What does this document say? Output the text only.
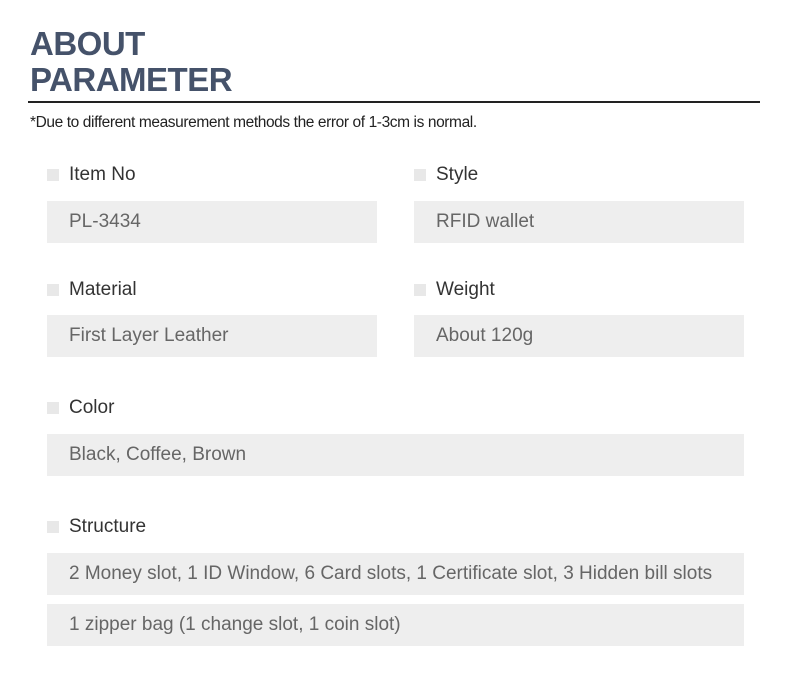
ABOUT
PARAMETER
*Due to different measurement methods the error of 1-3cm is normal.
Item No
PL-3434
Style
RFID wallet
Material
First Layer Leather
Weight
About 120g
Color
Black, Coffee, Brown
Structure
2 Money slot, 1 ID Window, 6 Card slots, 1 Certificate slot, 3 Hidden bill slots
1 zipper bag (1 change slot, 1 coin slot)
